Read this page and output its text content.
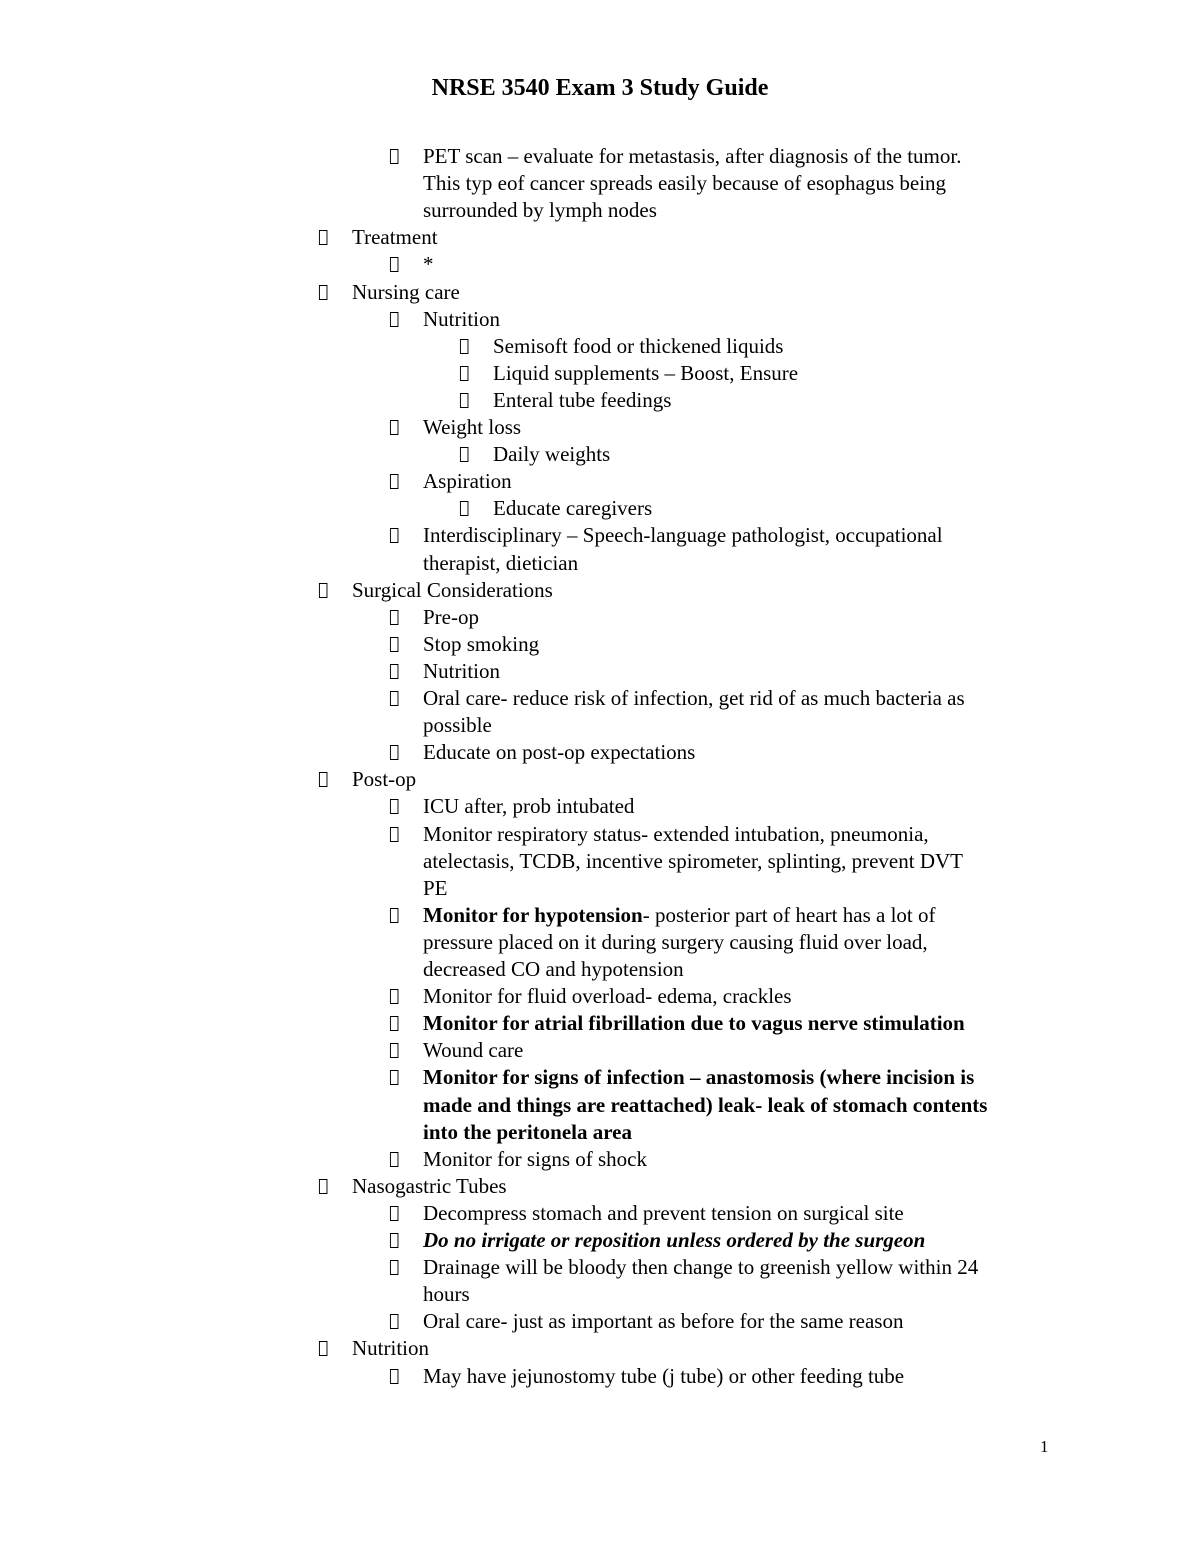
NRSE 3540 Exam 3 Study Guide
PET scan – evaluate for metastasis, after diagnosis of the tumor.
This typ eof cancer spreads easily because of esophagus being
surrounded by lymph nodes
Treatment
*
Nursing care
Nutrition
Semisoft food or thickened liquids
Liquid supplements – Boost, Ensure
Enteral tube feedings
Weight loss
Daily weights
Aspiration
Educate caregivers
Interdisciplinary – Speech-language pathologist, occupational
therapist, dietician
Surgical Considerations
Pre-op
Stop smoking
Nutrition
Oral care- reduce risk of infection, get rid of as much bacteria as
possible
Educate on post-op expectations
Post-op
ICU after, prob intubated
Monitor respiratory status- extended intubation, pneumonia,
atelectasis, TCDB, incentive spirometer, splinting, prevent DVT
PE
Monitor for hypotension- posterior part of heart has a lot of
pressure placed on it during surgery causing fluid over load,
decreased CO and hypotension
Monitor for fluid overload- edema, crackles
Monitor for atrial fibrillation due to vagus nerve stimulation
Wound care
Monitor for signs of infection – anastomosis (where incision is
made and things are reattached) leak- leak of stomach contents
into the peritonela area
Monitor for signs of shock
Nasogastric Tubes
Decompress stomach and prevent tension on surgical site
Do no irrigate or reposition unless ordered by the surgeon
Drainage will be bloody then change to greenish yellow within 24
hours
Oral care- just as important as before for the same reason
Nutrition
May have jejunostomy tube (j tube) or other feeding tube
1
